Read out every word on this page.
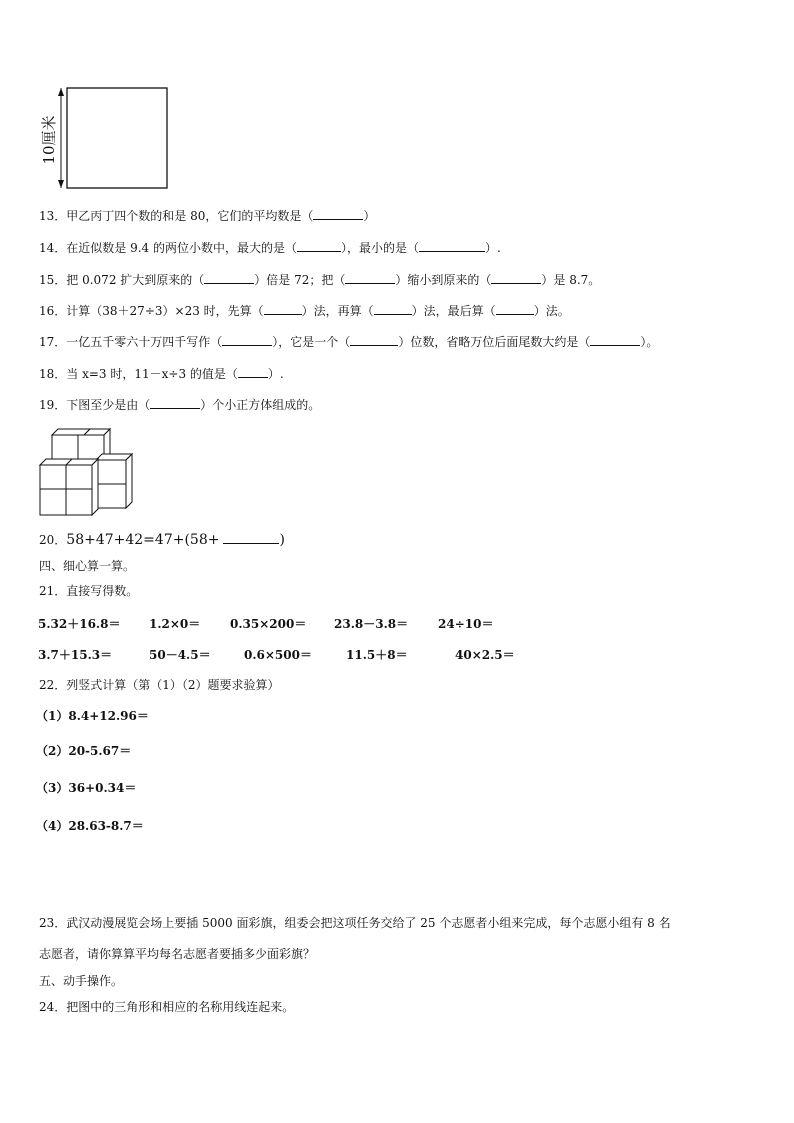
10厘米
13．甲乙丙丁四个数的和是 80，它们的平均数是（	）
14．在近似数是 9.4 的两位小数中，最大的是（	），最小的是（	）.
15．把 0.072 扩大到原来的（	）倍是 72；把（	）缩小到原来的（	）是 8.7。
16．计算（38＋27÷3）×23 时，先算（	）法，再算（	）法，最后算（	）法。
17．一亿五千零六十万四千写作（	），它是一个（	）位数，省略万位后面尾数大约是（	）。
18．当 x=3 时，11－x÷3 的值是（	）.
19．下图至少是由（	）个小正方体组成的。
20．58+47+42=47+(58+	)
四、细心算一算。
21．直接写得数。
5.32＋16.8＝ 1.2×0＝ 0.35×200＝ 23.8－3.8＝ 24÷10＝
3.7＋15.3＝	50－4.5＝	0.6×500＝	11.5＋8＝	40×2.5＝
22．列竖式计算（第（1）（2）题要求验算）
（1）8.4+12.96＝
（2）20-5.67＝
（3）36+0.34＝
（4）28.63-8.7＝
23．武汉动漫展览会场上要插 5000 面彩旗，组委会把这项任务交给了 25 个志愿者小组来完成，每个志愿小组有 8 名
志愿者，请你算算平均每名志愿者要插多少面彩旗？
五、动手操作。
24．把图中的三角形和相应的名称用线连起来。
